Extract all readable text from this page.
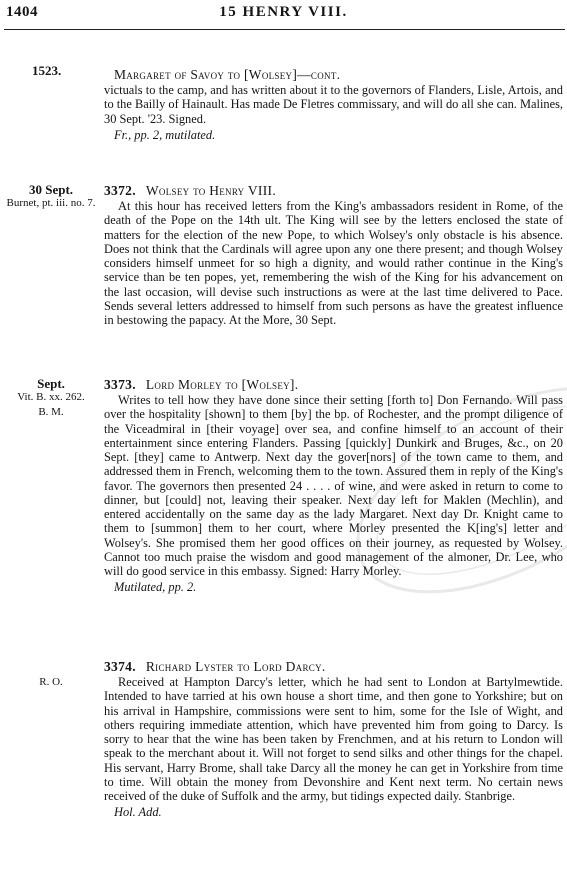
1404	15 HENRY VIII.
1523.	Margaret of Savoy to [Wolsey]—cont.
victuals to the camp, and has written about it to the governors of Flanders, Lisle, Artois, and to the Bailly of Hainault. Has made De Fletres commissary, and will do all she can. Malines, 30 Sept. '23. Signed.
Fr., pp. 2, mutilated.
30 Sept.
Burnet, pt. iii. no. 7.
3372. Wolsey to Henry VIII.
At this hour has received letters from the King's ambassadors resident in Rome, of the death of the Pope on the 14th ult. The King will see by the letters enclosed the state of matters for the election of the new Pope, to which Wolsey's only obstacle is his absence. Does not think that the Cardinals will agree upon any one there present; and though Wolsey considers himself unmeet for so high a dignity, and would rather continue in the King's service than be ten popes, yet, remembering the wish of the King for his advancement on the last occasion, will devise such instructions as were at the last time delivered to Pace. Sends several letters addressed to himself from such persons as have the greatest influence in bestowing the papacy. At the More, 30 Sept.
Sept.
Vit. B. xx. 262.
B. M.
3373. Lord Morley to [Wolsey].
Writes to tell how they have done since their setting [forth to] Don Fernando. Will pass over the hospitality [shown] to them [by] the bp. of Rochester, and the prompt diligence of the Viceadmiral in [their voyage] over sea, and confine himself to an account of their entertainment since entering Flanders. Passing [quickly] Dunkirk and Bruges, &c., on 20 Sept. [they] came to Antwerp. Next day the gover[nors] of the town came to them, and addressed them in French, welcoming them to the town. Assured them in reply of the King's favor. The governors then presented 24 . . . . of wine, and were asked in return to come to dinner, but [could] not, leaving their speaker. Next day left for Maklen (Mechlin), and entered accidentally on the same day as the lady Margaret. Next day Dr. Knight came to them to [summon] them to her court, where Morley presented the K[ing's] letter and Wolsey's. She promised them her good offices on their journey, as requested by Wolsey. Cannot too much praise the wisdom and good management of the almoner, Dr. Lee, who will do good service in this embassy. Signed: Harry Morley.
Mutilated, pp. 2.
R. O.
3374. Richard Lyster to Lord Darcy.
Received at Hampton Darcy's letter, which he had sent to London at Bartylmewtide. Intended to have tarried at his own house a short time, and then gone to Yorkshire; but on his arrival in Hampshire, commissions were sent to him, some for the Isle of Wight, and others requiring immediate attention, which have prevented him from going to Darcy. Is sorry to hear that the wine has been taken by Frenchmen, and at his return to London will speak to the merchant about it. Will not forget to send silks and other things for the chapel. His servant, Harry Brome, shall take Darcy all the money he can get in Yorkshire from time to time. Will obtain the money from Devonshire and Kent next term. No certain news received of the duke of Suffolk and the army, but tidings expected daily. Stanbrige.
Hol. Add.
